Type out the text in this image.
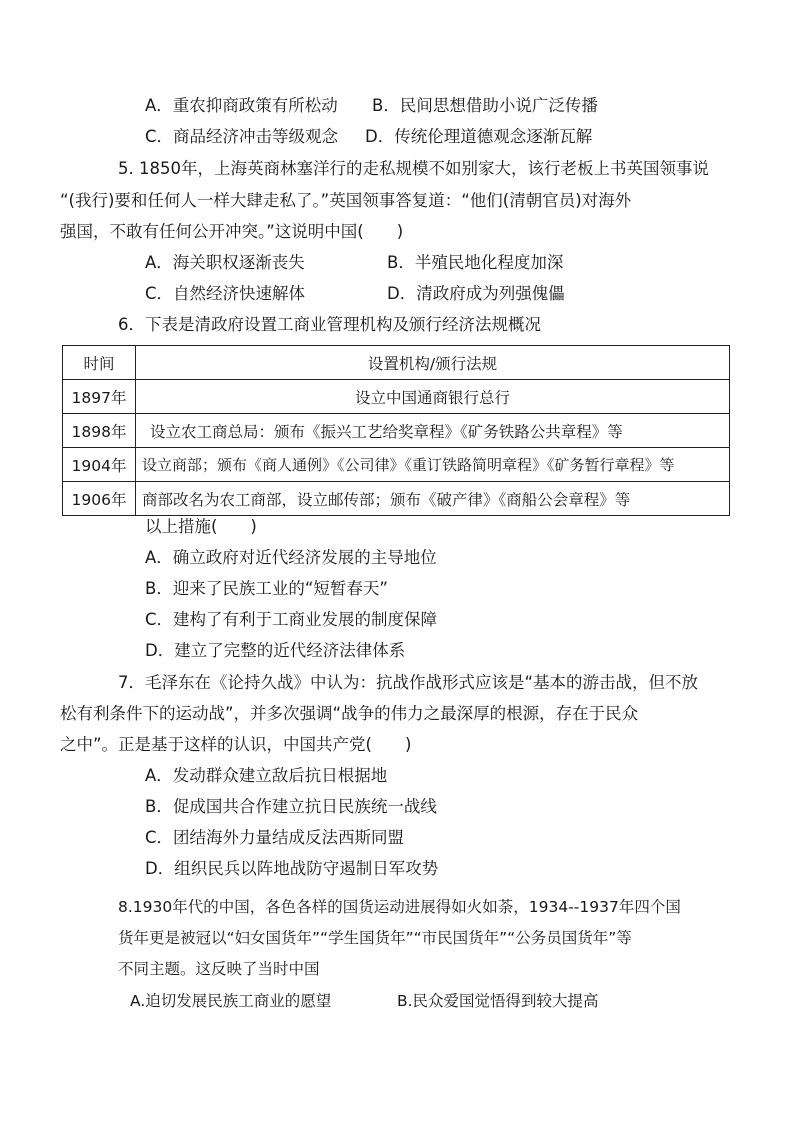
A．重农抑商政策有所松动 B．民间思想借助小说广泛传播
C．商品经济冲击等级观念 D．传统伦理道德观念逐渐瓦解
5. 1850年，上海英商林塞洋行的走私规模不如别家大，该行老板上书英国领事说
“(我行)要和任何人一样大肆走私了。”英国领事答复道：“他们(清朝官员)对海外
强国，不敢有任何公开冲突。”这说明中国(　　)
A．海关职权逐渐丧失	B．半殖民地化程度加深
C．自然经济快速解体	D．清政府成为列强傀儡
6．下表是清政府设置工商业管理机构及颁行经济法规概况
时间	设置机构/颁行法规
1897年	设立中国通商银行总行
1898年	设立农工商总局：颁布《振兴工艺给奖章程》《矿务铁路公共章程》等
1904年	设立商部；颁布《商人通例》《公司律》《重订铁路简明章程》《矿务暂行章程》等
1906年	商部改名为农工商部，设立邮传部；颁布《破产律》《商船公会章程》等
以上措施(　　)
A．确立政府对近代经济发展的主导地位
B．迎来了民族工业的“短暂春天”
C．建构了有利于工商业发展的制度保障
D．建立了完整的近代经济法律体系
7．毛泽东在《论持久战》中认为：抗战作战形式应该是“基本的游击战，但不放
松有利条件下的运动战”，并多次强调“战争的伟力之最深厚的根源，存在于民众
之中”。正是基于这样的认识，中国共产党(　　)
A．发动群众建立敌后抗日根据地
B．促成国共合作建立抗日民族统一战线
C．团结海外力量结成反法西斯同盟
D．组织民兵以阵地战防守遏制日军攻势
8.1930年代的中国，各色各样的国货运动进展得如火如荼，1934--1937年四个国
货年更是被冠以“妇女国货年”“学生国货年”“市民国货年”“公务员国货年”等
不同主题。这反映了当时中国
A.迫切发展民族工商业的愿望	B.民众爱国觉悟得到较大提高
